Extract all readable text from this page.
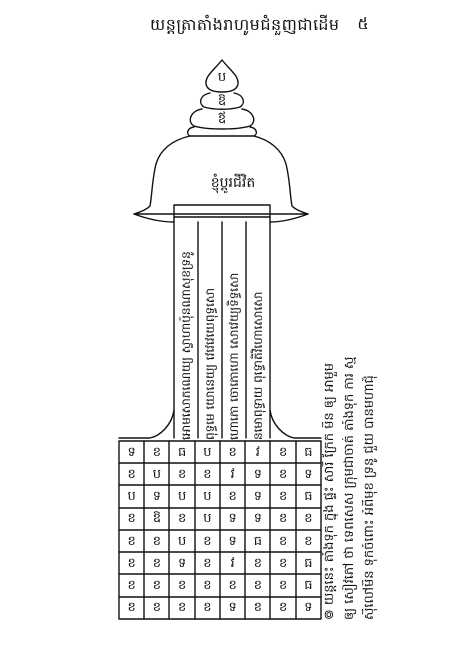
យន្តត្រាតាំងរាហូមជំនួញជាដើម	៥
ប
ឱ
ឪ
ខ្ញុំប្តូរជីវិត
អោមសោភណេយ្យ ស្វាហាប៉ុនណាសុខទ្រនូ ពុទ្ធមេ យោនេយ្យ វេវេវេយេពុទ្ធសោ ហោភោ ចោភោហោ សោវេយ្យទិទ្ធសោ នមោពុទ្ធាយ ពុទ្ធោតិវិហោសោសោ
ទ	ខ	ធ	ប	ខ	វ	ខ	ធ
ខ	ប	ខ	ខ	វ	ទ	ខ	ទ
ប	ទ	ប	ប	ខ	ទ	ខ	ធ
ខ	ឱ	ខ	ប	ទ	ទ	ខ	ខ
ខ	ខ	ប	ខ	ទ	ធ	ខ	ខ
ខ	ខ	ទ	ខ	វ	ខ	ខ	ធ
ខ	ខ	ខ	ខ	ខ	ខ	ខ	ធ
ខ	ខ	ខ	ខ	ទ	ខ	ខ	ទ ៙ យន្តនេះ តាំងទុក ក្នុង ផ្ទះ សារី ក្រែក មិន ឲ្យ អាមួម ឲ្យ សៀវភៅ ថា ទេពសេស ក្រុមជាចាត់ តាំងទុក ការ ស្ម ស៊ីលៅមិន ទុកចំពោះ អំពីមុខ ទ្រនូ ជួយ បានមហាជុំ
